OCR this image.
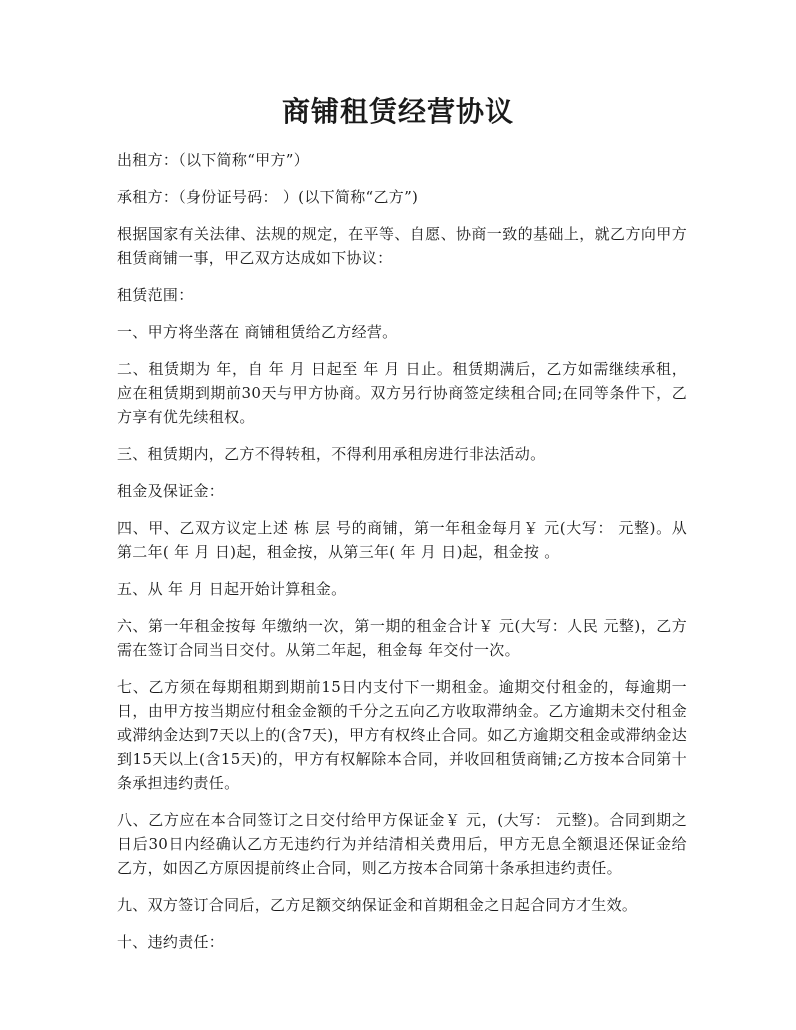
商铺租赁经营协议

出租方：（以下简称“甲方”）

承租方：（身份证号码： ）(以下简称“乙方”)

根据国家有关法律、法规的规定，在平等、自愿、协商一致的基础上，就乙方向甲方租赁商铺一事，甲乙双方达成如下协议：

租赁范围：

一、甲方将坐落在 商铺租赁给乙方经营。

二、租赁期为 年，自 年 月 日起至 年 月 日止。租赁期满后，乙方如需继续承租，应在租赁期到期前30天与甲方协商。双方另行协商签定续租合同;在同等条件下，乙方享有优先续租权。

三、租赁期内，乙方不得转租，不得利用承租房进行非法活动。

租金及保证金：

四、甲、乙双方议定上述 栋 层 号的商铺，第一年租金每月￥ 元(大写： 元整)。从第二年( 年 月 日)起，租金按，从第三年( 年 月 日)起，租金按 。

五、从 年 月 日起开始计算租金。

六、第一年租金按每 年缴纳一次，第一期的租金合计￥ 元(大写：人民 元整)，乙方需在签订合同当日交付。从第二年起，租金每 年交付一次。

七、乙方须在每期租期到期前15日内支付下一期租金。逾期交付租金的，每逾期一日，由甲方按当期应付租金金额的千分之五向乙方收取滞纳金。乙方逾期未交付租金或滞纳金达到7天以上的(含7天)，甲方有权终止合同。如乙方逾期交租金或滞纳金达到15天以上(含15天)的，甲方有权解除本合同，并收回租赁商铺;乙方按本合同第十条承担违约责任。

八、乙方应在本合同签订之日交付给甲方保证金￥ 元，(大写： 元整)。合同到期之日后30日内经确认乙方无违约行为并结清相关费用后，甲方无息全额退还保证金给乙方，如因乙方原因提前终止合同，则乙方按本合同第十条承担违约责任。

九、双方签订合同后，乙方足额交纳保证金和首期租金之日起合同方才生效。

十、违约责任：
